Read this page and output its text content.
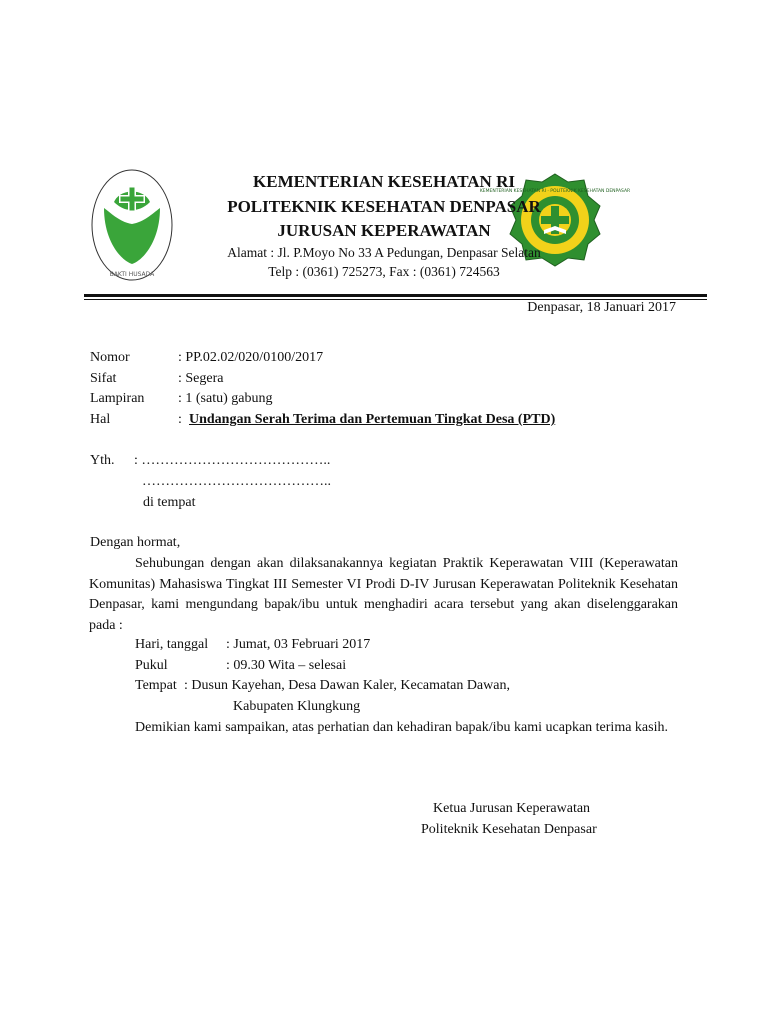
BAKTI HUSADA
KEMENTERIAN KESEHATAN RI · POLITEKNIK KESEHATAN DENPASAR
KEMENTERIAN KESEHATAN RI
POLITEKNIK KESEHATAN DENPASAR
JURUSAN KEPERAWATAN
Alamat : Jl. P.Moyo No 33 A Pedungan, Denpasar Selatan
Telp : (0361) 725273, Fax : (0361) 724563
Denpasar, 18 Januari 2017
Nomor	: PP.02.02/020/0100/2017
Sifat	: Segera
Lampiran : 1 (satu) gabung
Hal	: Undangan Serah Terima dan Pertemuan Tingkat Desa (PTD)
Yth. : …………………………………..
…………………………………..
di tempat
Dengan hormat,
Sehubungan dengan akan dilaksanakannya kegiatan Praktik Keperawatan VIII (Keperawatan Komunitas) Mahasiswa Tingkat III Semester VI Prodi D-IV Jurusan Keperawatan Politeknik Kesehatan Denpasar, kami mengundang bapak/ibu untuk menghadiri acara tersebut yang akan diselenggarakan pada :
Hari, tanggal : Jumat, 03 Februari 2017
Pukul	: 09.30 Wita – selesai
Tempat : Dusun Kayehan, Desa Dawan Kaler, Kecamatan Dawan,
Kabupaten Klungkung
Demikian kami sampaikan, atas perhatian dan kehadiran bapak/ibu kami ucapkan terima kasih.
Ketua Jurusan Keperawatan
Politeknik Kesehatan Denpasar
